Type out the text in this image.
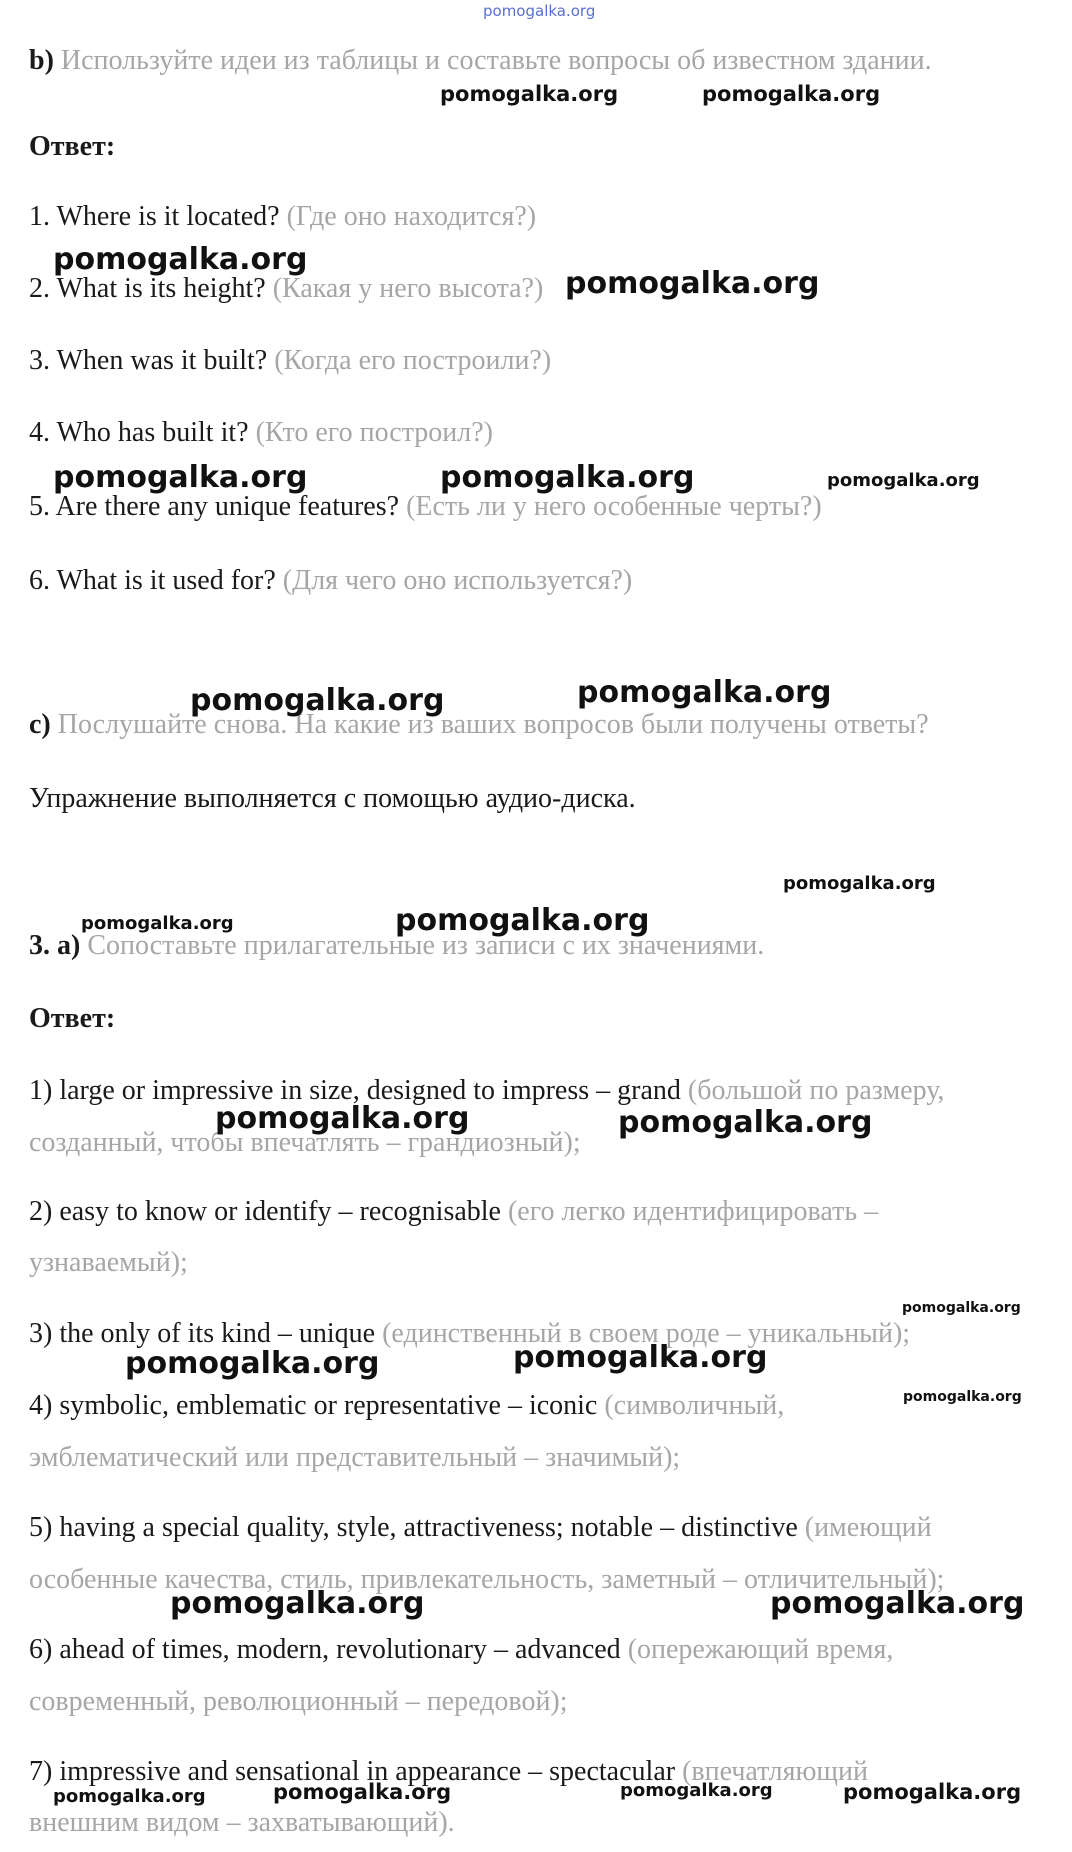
b) Используйте идеи из таблицы и составьте вопросы об известном здании.
Ответ:
1. Where is it located? (Где оно находится?)
2. What is its height? (Какая у него высота?)
3. When was it built? (Когда его построили?)
4. Who has built it? (Кто его построил?)
5. Are there any unique features? (Есть ли у него особенные черты?)
6. What is it used for? (Для чего оно используется?)
c) Послушайте снова. На какие из ваших вопросов были получены ответы?
Упражнение выполняется с помощью аудио-диска.
3. a) Сопоставьте прилагательные из записи с их значениями.
Ответ:
1) large or impressive in size, designed to impress – grand (большой по размеру,
созданный, чтобы впечатлять – грандиозный);
2) easy to know or identify – recognisable (его легко идентифицировать –
узнаваемый);
3) the only of its kind – unique (единственный в своем роде – уникальный);
4) symbolic, emblematic or representative – iconic (символичный,
эмблематический или представительный – значимый);
5) having a special quality, style, attractiveness; notable – distinctive (имеющий
особенные качества, стиль, привлекательность, заметный – отличительный);
6) ahead of times, modern, revolutionary – advanced (опережающий время,
современный, революционный – передовой);
7) impressive and sensational in appearance – spectacular (впечатляющий
внешним видом – захватывающий).
pomogalka.org
pomogalka.org	pomogalka.org
pomogalka.org
pomogalka.org
pomogalka.org	pomogalka.org	pomogalka.org
pomogalka.org	pomogalka.org
pomogalka.org
pomogalka.org	pomogalka.org
pomogalka.org	pomogalka.org
pomogalka.org
pomogalka.org	pomogalka.org
pomogalka.org
pomogalka.org	pomogalka.org
pomogalka.org	pomogalka.org	pomogalka.org	pomogalka.org
